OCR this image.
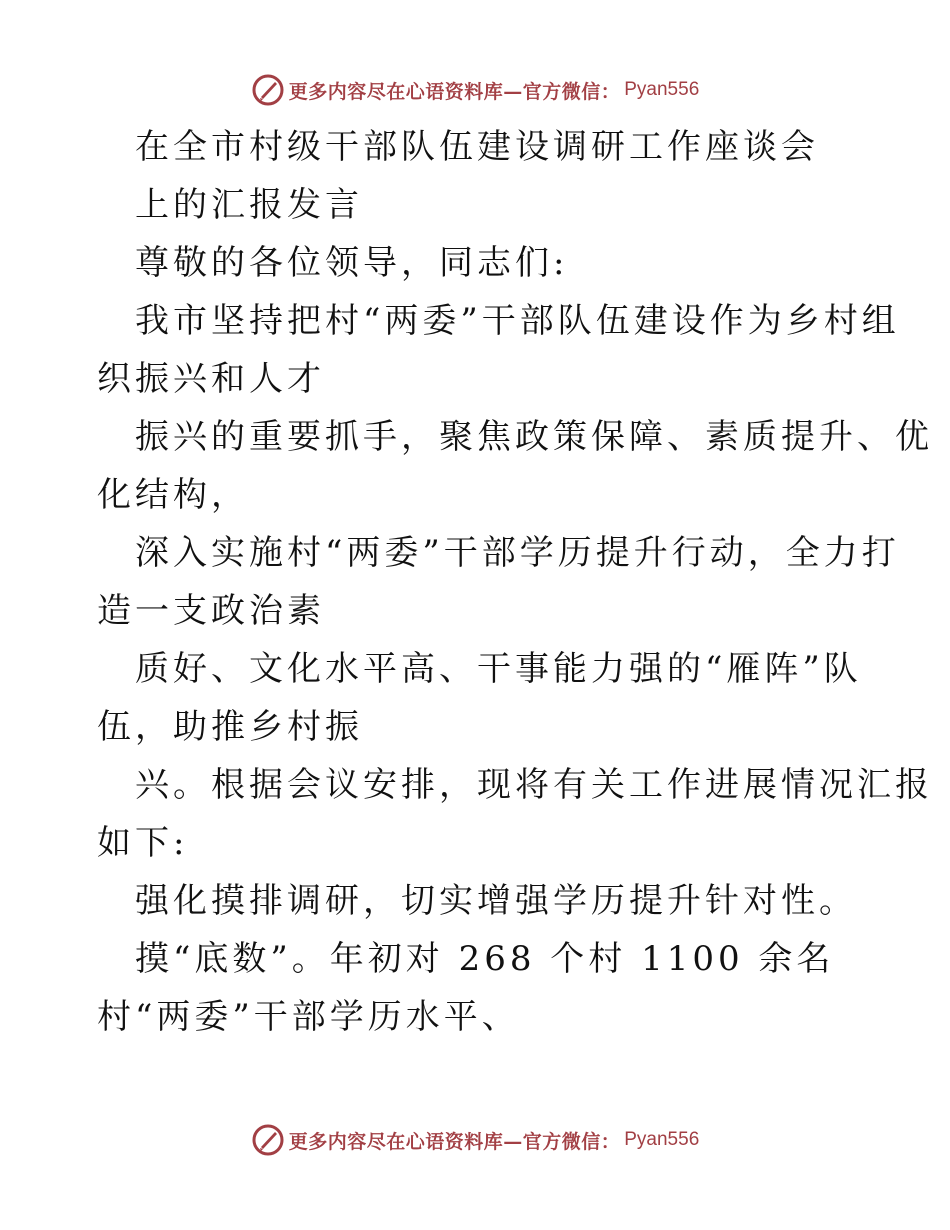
更多内容尽在心语资料库—官方微信： Pyan556
在全市村级干部队伍建设调研工作座谈会
上的汇报发言
尊敬的各位领导，同志们:
我市坚持把村“两委”干部队伍建设作为乡村组
织振兴和人才
振兴的重要抓手，聚焦政策保障、素质提升、优
化结构，
深入实施村“两委”干部学历提升行动，全力打
造一支政治素
质好、文化水平高、干事能力强的“雁阵”队
伍，助推乡村振
兴。根据会议安排，现将有关工作进展情况汇报
如下:
强化摸排调研，切实增强学历提升针对性。
摸“底数”。年初对 268 个村 1100 余名
村“两委”干部学历水平、
更多内容尽在心语资料库—官方微信： Pyan556
